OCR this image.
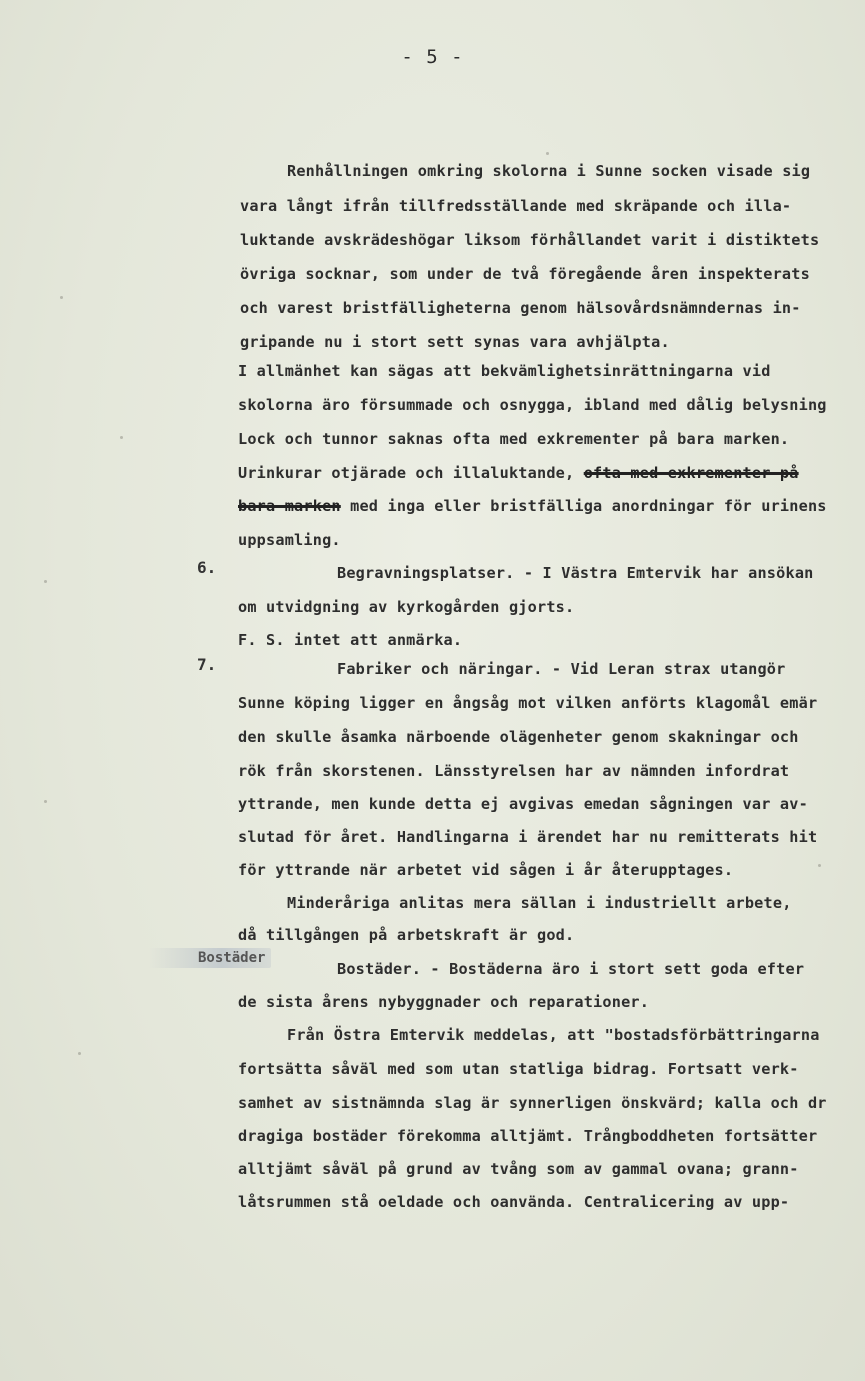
- 5 -
Renhållningen omkring skolorna i Sunne socken visade sig
vara långt ifrån tillfredsställande med skräpande och illa-
luktande avskrädeshögar liksom förhållandet varit i distiktets
övriga socknar, som under de två föregående åren inspekterats
och varest bristfälligheterna genom hälsovårdsnämndernas in-
gripande nu i stort sett synas vara avhjälpta.
I allmänhet kan sägas att bekvämlighetsinrättningarna vid
skolorna äro försummade och osnygga, ibland med dålig belysning
Lock och tunnor saknas ofta med exkrementer på bara marken.
Urinkurar otjärade och illaluktande, ofta med exkrementer på
bara marken med inga eller bristfälliga anordningar för urinens
uppsamling.
6.	Begravningsplatser. - I Västra Emtervik har ansökan
om utvidgning av kyrkogården gjorts.
F. S. intet att anmärka.
7.	Fabriker och näringar. - Vid Leran strax utangör
Sunne köping ligger en ångsåg mot vilken anförts klagomål emär
den skulle åsamka närboende olägenheter genom skakningar och
rök från skorstenen. Länsstyrelsen har av nämnden infordrat
yttrande, men kunde detta ej avgivas emedan sågningen var av-
slutad för året. Handlingarna i ärendet har nu remitterats hit
för yttrande när arbetet vid sågen i år återupptages.
Minderåriga anlitas mera sällan i industriellt arbete,
då tillgången på arbetskraft är god.
Bostäder
Bostäder. - Bostäderna äro i stort sett goda efter
de sista årens nybyggnader och reparationer.
Från Östra Emtervik meddelas, att "bostadsförbättringarna
fortsätta såväl med som utan statliga bidrag. Fortsatt verk-
samhet av sistnämnda slag är synnerligen önskvärd; kalla och dr
dragiga bostäder förekomma alltjämt. Trångboddheten fortsätter
alltjämt såväl på grund av tvång som av gammal ovana; grann-
låtsrummen stå oeldade och oanvända. Centralicering av upp-
